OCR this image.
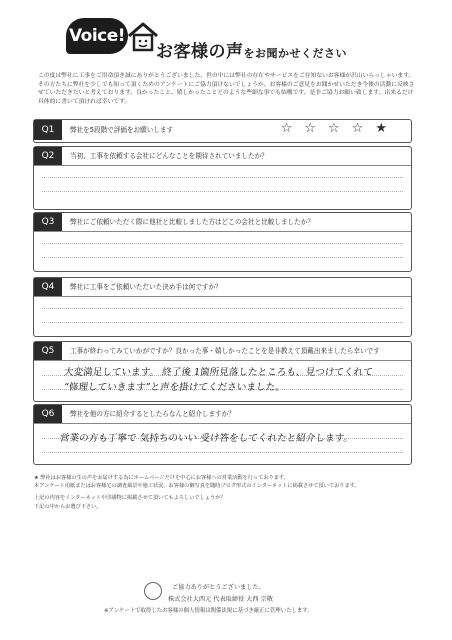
Voice!
お客様の声をお聞かせください
この度は弊社に工事をご用命頂き誠にありがとうございました。世の中には弊社の存在やサービスをご存知ないお客様が沢山いらっしゃいます。その方たちに弊社を少しでも知って頂くためのアンケートにご協力頂けないでしょうか。お客様のご意見をお聞かせいただき今後の活動に反映させていただきたいと考えております。良かったこと、嬉しかったことどのような些細な事でも結構です。是非ご協力お願い致します。出来るだけ具体的に書いて頂ければ幸いです。
Q1	弊社を5段階で評価をお願いします	☆☆☆☆★
Q2	当初、工事を依頼する会社にどんなことを期待されていましたか？
Q3	弊社にご依頼いただく際に他社と比較しました方はどこの会社と比較しましたか？
Q4	弊社に工事をご依頼いただいた決め手は何ですか？
Q5	工事が終わってみていかがですか？良かった事・嬉しかったことを是非教えて頂戴出来ましたら幸いです
大変満足しています。 終了後 1箇所見落したところも、見つけてくれて
“修理していきます”と声を掛けてくださいました。
Q6	弊社を他の方に紹介するとしたらなんと紹介しますか？
営業の方も丁寧で 気持ちのいい 受け答をしてくれたと紹介します。
★ 弊社はお客様の生の声をお届けする為にホームページだけを中心にお客様への営業活動を行っております。
本アンケート用紙またはお客様宅の調査風景や施工状況、お客様の御写真を随時ブログ形式のインターネットに掲載させて頂いております。
上記の内容をインターネットや印刷物に掲載させて頂いてもよろしいでしょうか？
下記の中からお選び下さい。
ご協力ありがとうございました。
株式会社大西元 代表取締役 大西 宗敬
※アンケートで取得したお客様の個人情報は関係法規に基づき厳正に管理いたします。
